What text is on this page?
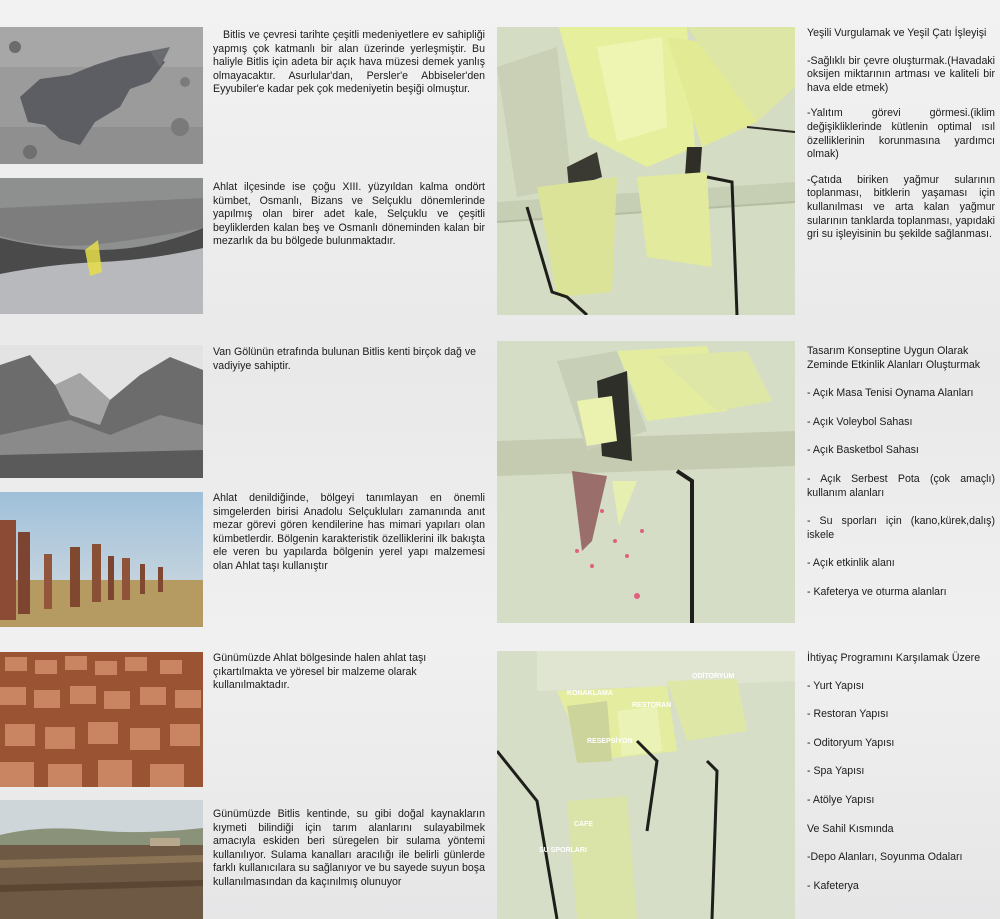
Bitlis ve çevresi tarihte çeşitli medeniyetlere ev sahipliği yapmış çok katmanlı bir alan üzerinde yerleşmiştir. Bu haliyle Bitlis için adeta bir açık hava müzesi demek yanlış olmayacaktır. Asurlular'dan, Persler'e Abbiseler'den Eyyubiler'e kadar pek çok medeniyetin beşiği olmuştur.

Ahlat ilçesinde ise çoğu XIII. yüzyıldan kalma ondört kümbet, Osmanlı, Bizans ve Selçuklu dönemlerinde yapılmış olan birer adet kale, Selçuklu ve çeşitli beyliklerden kalan beş ve Osmanlı döneminden kalan bir mezarlık da bu bölgede bulunmaktadır.

Van Gölünün etrafında bulunan Bitlis kenti birçok dağ ve vadiyiye sahiptir.

Ahlat denildiğinde, bölgeyi tanımlayan en önemli simgelerden birisi Anadolu Selçukluları zamanında anıt mezar görevi gören kendilerine has mimari yapıları olan kümbetlerdir. Bölgenin karakteristik özelliklerini ilk bakışta ele veren bu yapılarda bölgenin yerel yapı malzemesi olan Ahlat taşı kullanıştır

Günümüzde Ahlat bölgesinde halen ahlat taşı çıkartılmakta ve yöresel bir malzeme olarak kullanılmaktadır.

Günümüzde Bitlis kentinde, su gibi doğal kaynakların kıymeti bilindiği için tarım alanlarını sulayabilmek amacıyla eskiden beri süregelen bir sulama yöntemi kullanılıyor. Sulama kanalları aracılığı ile belirli günlerde farklı kullanıcılara su sağlanıyor ve bu sayede suyun boşa kullanılmasından da kaçınılmış olunuyor

KONAKLAMA
ODİTORYUM
RESTORAN
RESEPSİYON
CAFE
SU SPORLARI

Yeşili Vurgulamak ve Yeşil Çatı İşleyişi

-Sağlıklı bir çevre oluşturmak.(Havadaki oksijen miktarının artması ve kaliteli bir hava elde etmek)

-Yalıtım görevi görmesi.(iklim değişikliklerinde kütlenin optimal ısıl özelliklerinin korunmasına yardımcı olmak)

-Çatıda biriken yağmur sularının toplanması, bitklerin yaşaması için kullanılması ve arta kalan yağmur sularının tanklarda toplanması, yapıdaki gri su işleyisinin bu şekilde sağlanması.

Tasarım Konseptine Uygun Olarak Zeminde Etkinlik Alanları Oluşturmak

- Açık Masa Tenisi Oynama Alanları

- Açık Voleybol Sahası

- Açık Basketbol Sahası

- Açık Serbest Pota (çok amaçlı) kullanım alanları

- Su sporları için (kano,kürek,dalış) iskele

- Açık etkinlik alanı

- Kafeterya ve oturma alanları

İhtiyaç Programını Karşılamak Üzere

- Yurt Yapısı

- Restoran Yapısı

- Oditoryum Yapısı

- Spa Yapısı

- Atölye Yapısı

Ve Sahil Kısmında

-Depo Alanları, Soyunma Odaları

- Kafeterya
